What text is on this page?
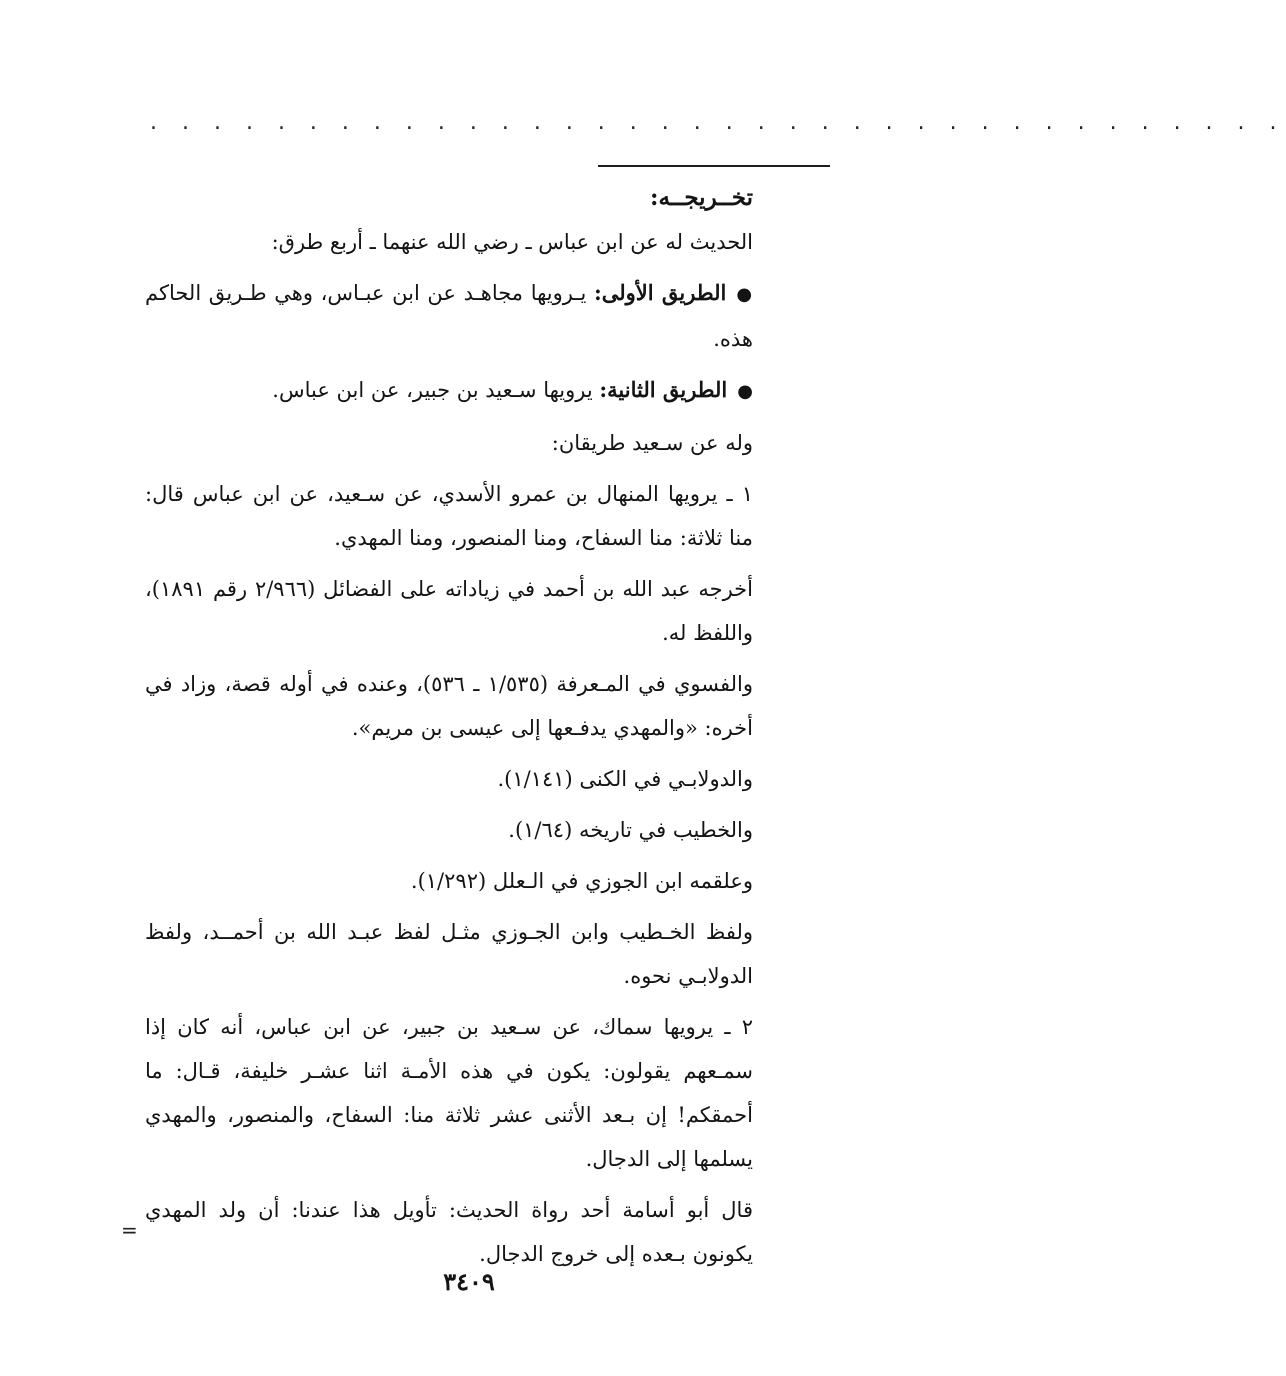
. . . . . . . . . . . . . . . . . . . . . . . . . . . . . . . . . . . .

تخــريجــه:

الحديث له عن ابن عباس ـ رضي الله عنهما ـ أربع طرق:

●الطريق الأولى: يـرويها مجاهـد عن ابن عبـاس، وهي طـريق الحاكم هذه.

●الطريق الثانية: يرويها سـعيد بن جبير، عن ابن عباس.

وله عن سـعيد طريقان:

١ ـ يرويها المنهال بن عمرو الأسدي، عن سـعيد، عن ابن عباس قال: منا ثلاثة: منا السفاح، ومنا المنصور، ومنا المهدي.

أخرجه عبد الله بن أحمد في زياداته على الفضائل (٢/٩٦٦ رقم ١٨٩١)، واللفظ له.

والفسوي في المـعرفة (١/٥٣٥ ـ ٥٣٦)، وعنده في أوله قصة، وزاد في أخره: «والمهدي يدفـعها إلى عيسى بن مريم».

والدولابـي في الكنى (١/١٤١).

والخطيب في تاريخه (١/٦٤).

وعلقمه ابن الجوزي في الـعلل (١/٢٩٢).

ولفظ الخـطيب وابن الجـوزي مثـل لفظ عبـد الله بن أحمــد، ولفظ الدولابـي نحوه.

٢ ـ يرويها سماك، عن سـعيد بن جبير، عن ابن عباس، أنه كان إذا سمـعهم يقولون: يكون في هذه الأمـة اثنا عشـر خليفة، قـال: ما أحمقكم! إن بـعد الأثنى عشر ثلاثة منا: السفاح، والمنصور، والمهدي يسلمها إلى الدجال.

قال أبو أسامة أحد رواة الحديث: تأويل هذا عندنا: أن ولد المهدي يكونون بـعده إلى خروج الدجال.

=
٣٤٠٩
